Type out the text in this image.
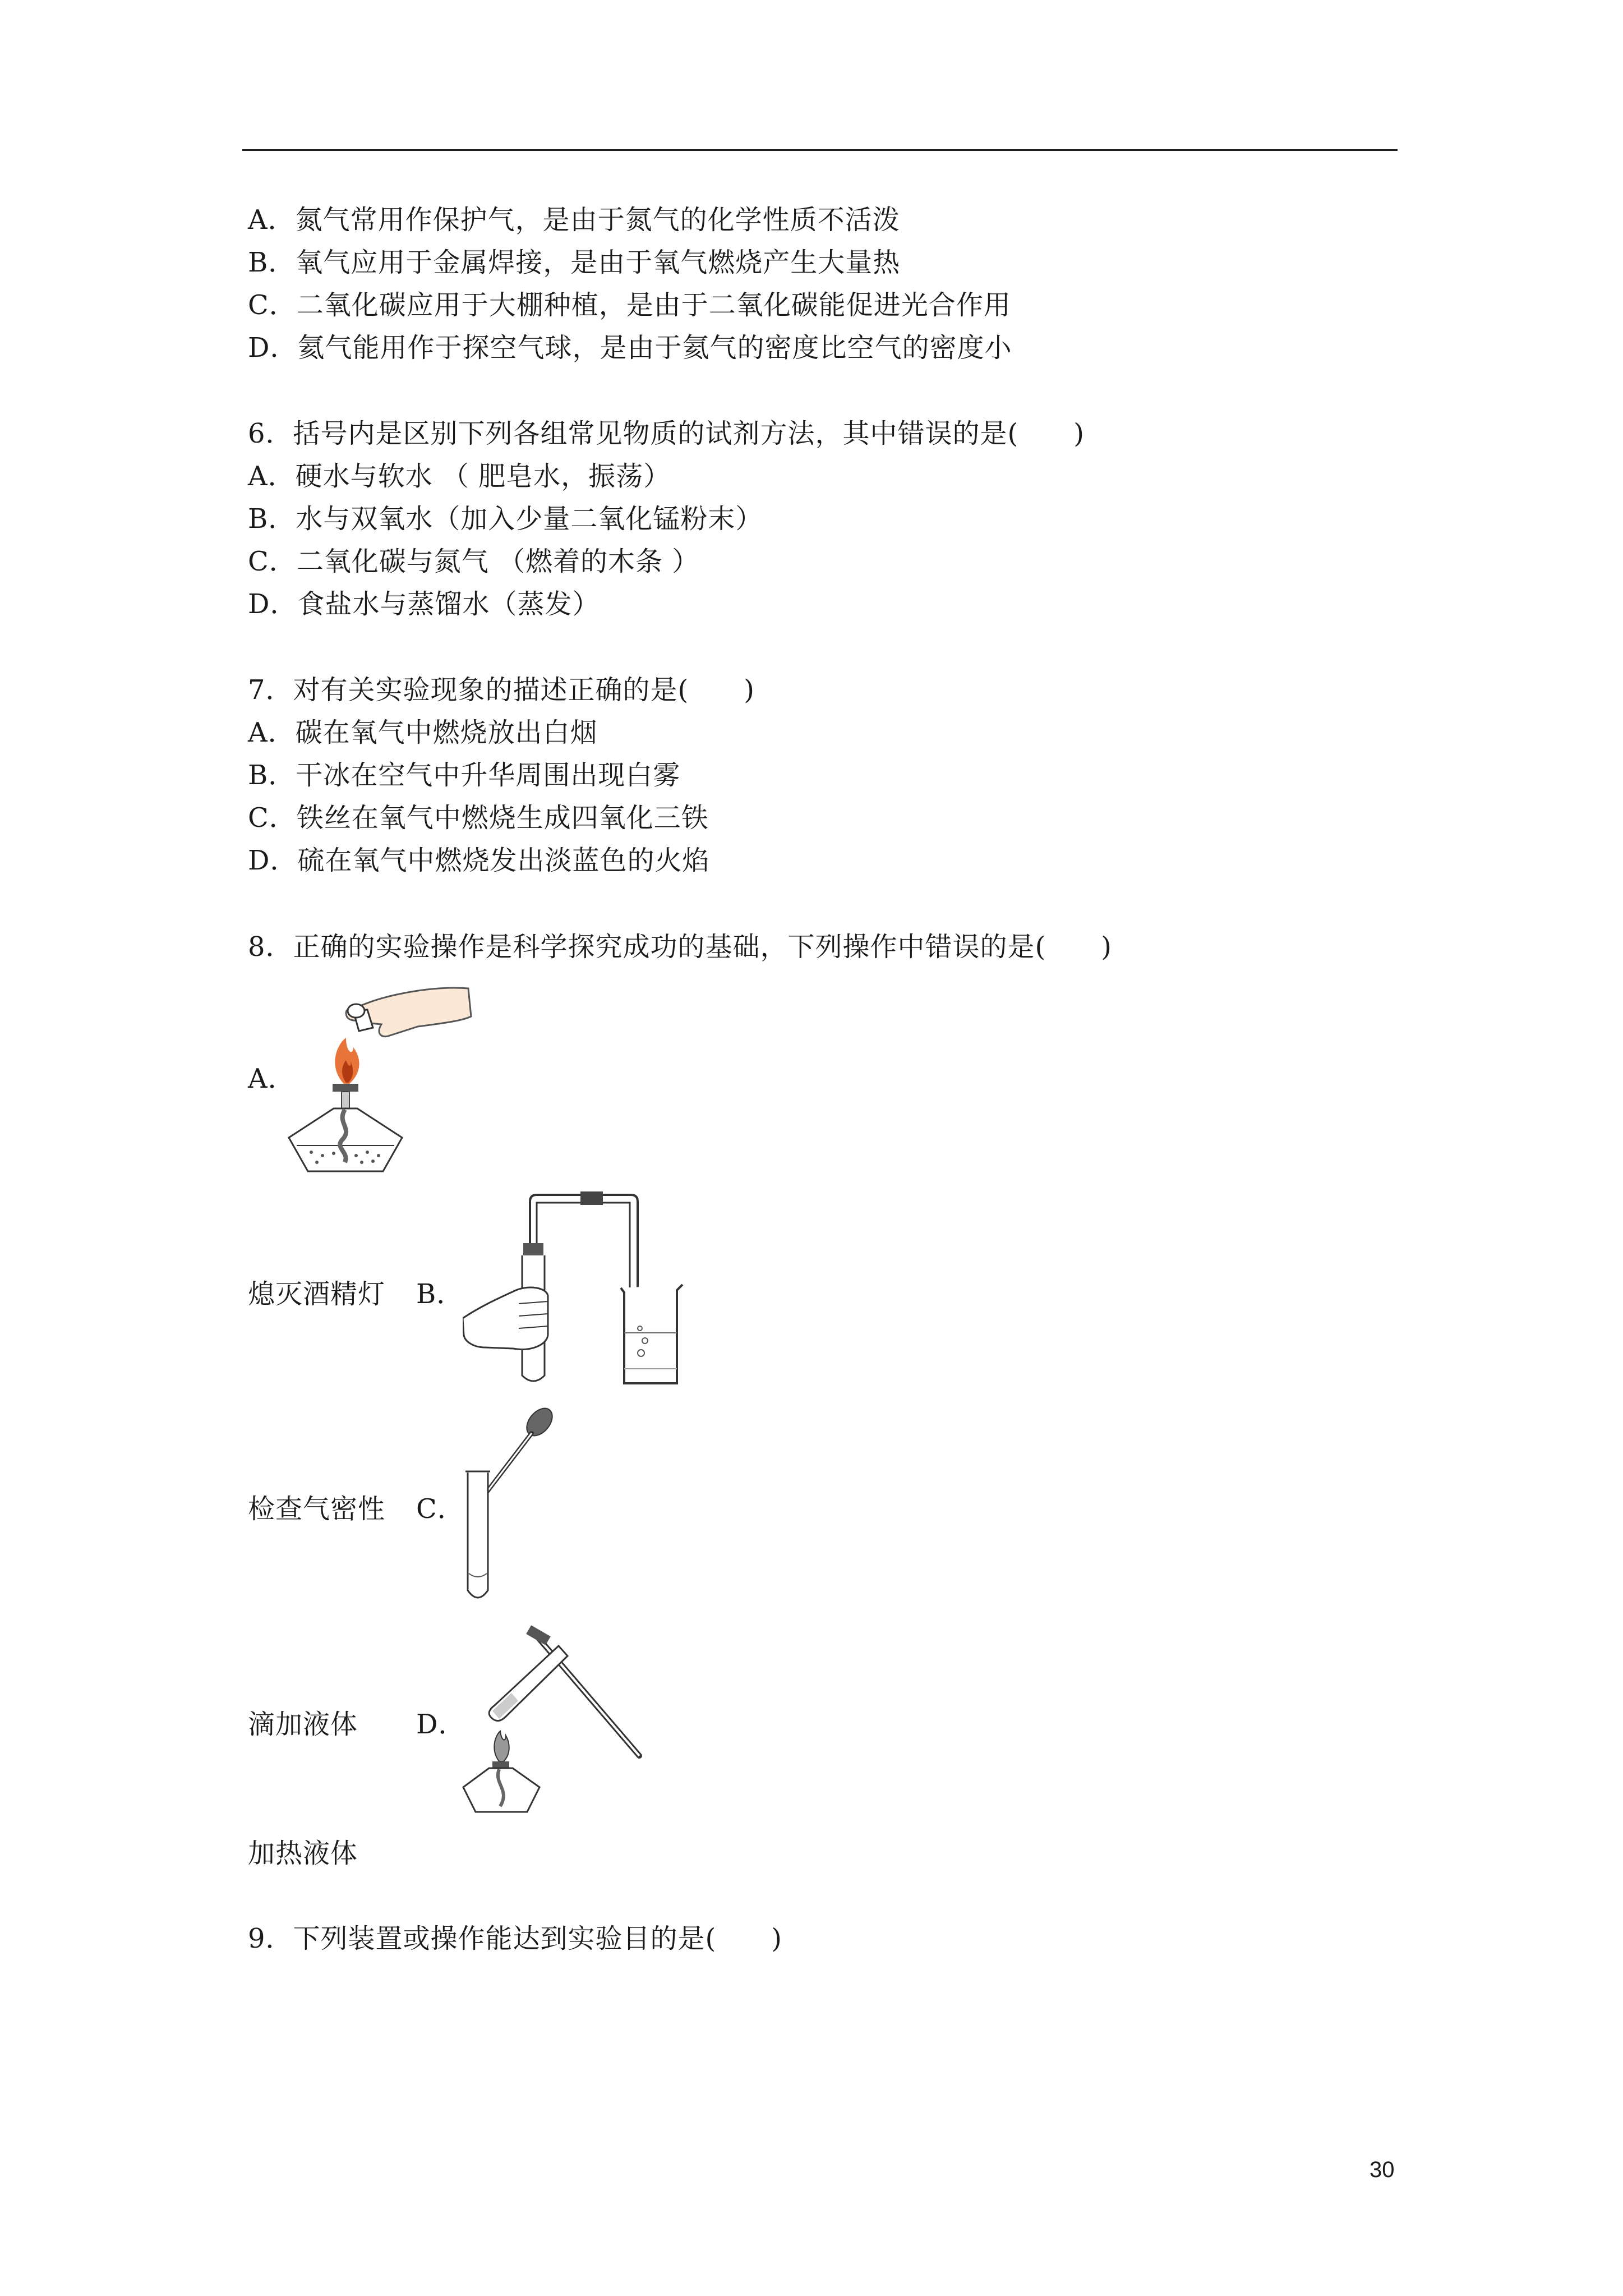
A．氮气常用作保护气，是由于氮气的化学性质不活泼
B．氧气应用于金属焊接，是由于氧气燃烧产生大量热
C．二氧化碳应用于大棚种植，是由于二氧化碳能促进光合作用
D．氦气能用作于探空气球，是由于氦气的密度比空气的密度小
6．括号内是区别下列各组常见物质的试剂方法，其中错误的是(　　)
A．硬水与软水 （ 肥皂水，振荡）
B．水与双氧水（加入少量二氧化锰粉末）
C．二氧化碳与氮气 （燃着的木条 ）
D．食盐水与蒸馏水（蒸发）
7．对有关实验现象的描述正确的是(　　)
A．碳在氧气中燃烧放出白烟
B．干冰在空气中升华周围出现白雾
C．铁丝在氧气中燃烧生成四氧化三铁
D．硫在氧气中燃烧发出淡蓝色的火焰
8．正确的实验操作是科学探究成功的基础，下列操作中错误的是(　　)
A．
熄灭酒精灯 B．
检查气密性 C．
滴加液体 D．
加热液体
9．下列装置或操作能达到实验目的是(　　)
30
